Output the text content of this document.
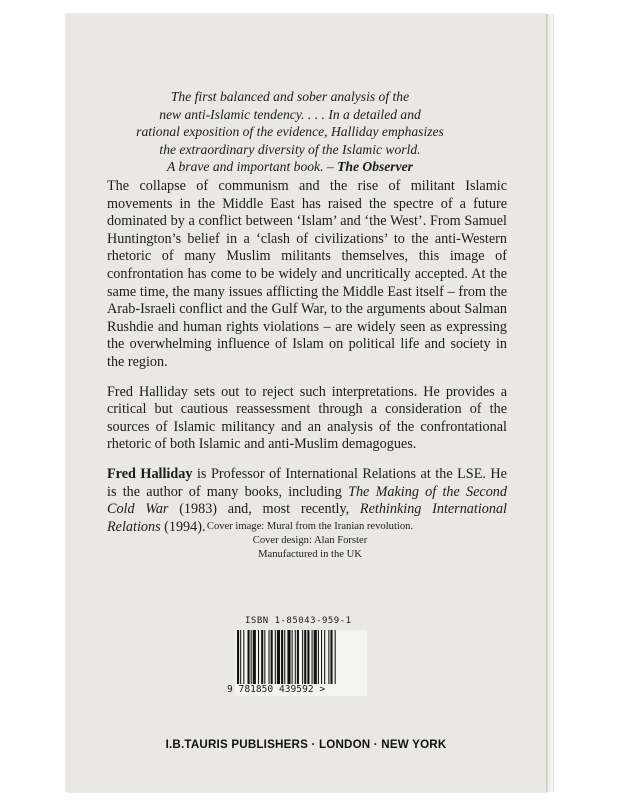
The first balanced and sober analysis of the

new anti-Islamic tendency. . . . In a detailed and

rational exposition of the evidence, Halliday emphasizes

the extraordinary diversity of the Islamic world.

A brave and important book. – The Observer

The collapse of communism and the rise of militant Islamic movements in the Middle East has raised the spectre of a future dominated by a conflict between ‘Islam’ and ‘the West’. From Samuel Huntington’s belief in a ‘clash of civilizations’ to the anti-Western rhetoric of many Muslim militants themselves, this image of confrontation has come to be widely and uncritically accepted. At the same time, the many issues afflicting the Middle East itself – from the Arab-Israeli conflict and the Gulf War, to the arguments about Salman Rushdie and human rights violations – are widely seen as expressing the overwhelming influence of Islam on political life and society in the region.

Fred Halliday sets out to reject such interpretations. He provides a critical but cautious reassessment through a consideration of the sources of Islamic militancy and an analysis of the confrontational rhetoric of both Islamic and anti-Muslim demagogues.

Fred Halliday is Professor of International Relations at the LSE. He is the author of many books, including The Making of the Second Cold War (1983) and, most recently, Rethinking International Relations (1994). Cover image: Mural from the Iranian revolution.
Cover design: Alan Forster
Manufactured in the UK
ISBN 1-85043-959-1
9 781850 439592 >
I.B.TAURIS PUBLISHERS · LONDON · NEW YORK
